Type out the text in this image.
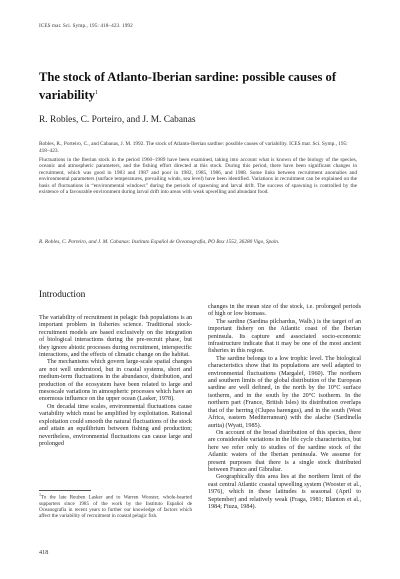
ICES mar. Sci. Symp., 195: 418–423. 1992
The stock of Atlanto-Iberian sardine: possible causes of variability$^1$
R. Robles, C. Porteiro, and J. M. Cabanas
Robles, R., Porteiro, C., and Cabanas, J. M. 1992. The stock of Atlanto-Iberian sardine: possible causes of variability. ICES mar. Sci. Symp., 195: 418–423.
Fluctuations in the Iberian stock in the period 1960–1989 have been examined, taking into account what is known of the biology of the species, oceanic and atmospheric parameters, and the fishing effort directed at this stock. During this period, there have been significant changes in recruitment, which was good in 1983 and 1987 and poor in 1982, 1985, 1986, and 1988. Some links between recruitment anomalies and environmental parameters (surface temperatures, prevailing winds, sea level) have been identified. Variations in recruitment can be explained on the basis of fluctuations in “environmental windows” during the periods of spawning and larval drift. The success of spawning is controlled by the existence of a favourable environment during larval drift into areas with weak upwelling and abundant food.
R. Robles, C. Porteiro, and J. M. Cabanas: Instituto Español de Oceanografía, PO Box 1552, 36280 Vigo, Spain.
Introduction

The variability of recruitment in pelagic fish populations is an important problem in fisheries science. Traditional stock-recruitment models are based exclusively on the integration of biological interactions during the pre-recruit phase, but they ignore abiotic processes during recruitment, interspecific interactions, and the effects of climatic change on the habitat.

The mechanisms which govern large-scale spatial changes are not well understood, but in coastal systems, short and medium-term fluctuations in the abundance, distribution, and production of the ecosystem have been related to large and mesoscale variations in atmospheric processes which have an enormous influence on the upper ocean (Lasker, 1978).

On decadal time scales, environmental fluctuations cause variability which must be amplified by exploitation. Rational exploitation could smooth the natural fluctuations of the stock and attain an equilibrium between fishing and production; nevertheless, environmental fluctuations can cause large and prolonged

changes in the mean size of the stock, i.e. prolonged periods of high or low biomass.

The sardine (Sardina pilchardus, Walb.) is the target of an important fishery on the Atlantic coast of the Iberian peninsula. Its capture and associated socio-economic infrastructure indicate that it may be one of the most ancient fisheries in this region.

The sardine belongs to a low trophic level. The biological characteristics show that its populations are well adapted to environmental fluctuations (Margalef, 1960). The northern and southern limits of the global distribution of the European sardine are well defined, in the north by the 10°C surface isotherm, and in the south by the 20°C isotherm. In the northern part (France, British Isles) its distribution overlaps that of the herring (Clupea harengus), and in the south (West Africa, eastern Mediterranean) with the alache (Sardinella aurita) (Wyatt, 1985).

On account of the broad distribution of this species, there are considerable variations in the life cycle characteristics, but here we refer only to studies of the sardine stock of the Atlantic waters of the Iberian peninsula. We assume for present purposes that there is a single stock distributed between France and Gibraltar.

Geographically this area lies at the northern limit of the east central Atlantic coastal upwelling system (Wooster et al., 1976), which in these latitudes is seasonal (April to September) and relatively weak (Fraga, 1981; Blanton et al., 1984; Fiuza, 1984).

$^1$To the late Reuben Lasker and to Warren Wooster, whole-hearted supporters since 1985 of the work by the Instituto Español de Oceanografía in recent years to further our knowledge of factors which affect the variability of recruitment in coastal pelagic fish.
418
